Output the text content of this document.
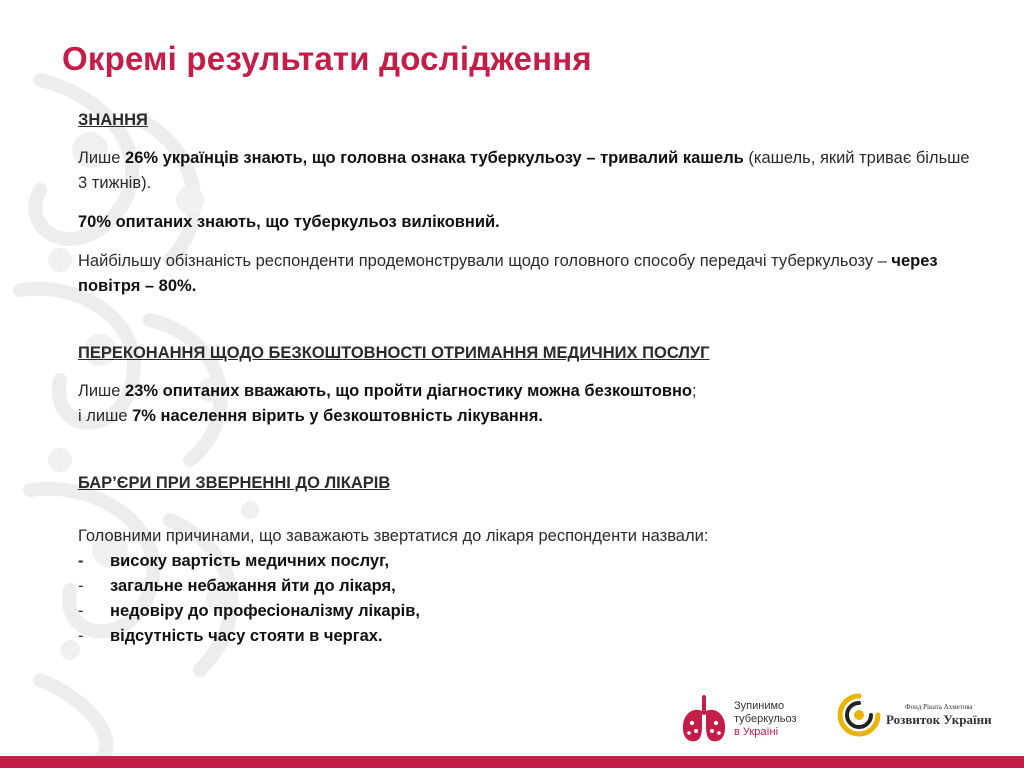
Окремі результати дослідження

ЗНАННЯ

Лише 26% українців знають, що головна ознака туберкульозу – тривалий кашель (кашель, який триває більше 3 тижнів).

70% опитаних знають, що туберкульоз виліковний.

Найбільшу обізнаність респонденти продемонстрували щодо головного способу передачі туберкульозу – через повітря – 80%.

ПЕРЕКОНАННЯ ЩОДО БЕЗКОШТОВНОСТІ ОТРИМАННЯ МЕДИЧНИХ ПОСЛУГ

Лише 23% опитаних вважають, що пройти діагностику можна безкоштовно;

і лише 7% населення вірить у безкоштовність лікування.

БАР’ЄРИ ПРИ ЗВЕРНЕННІ ДО ЛІКАРІВ

Головними причинами, що заважають звертатися до лікаря респонденти назвали:

-	високу вартість медичних послуг,
-	загальне небажання йти до лікаря,
-	недовіру до професіоналізму лікарів,
-	відсутність часу стояти в чергах.
Зупинимо
туберкульоз
в Україні
Фонд Ріната Ахметова
Розвиток України
